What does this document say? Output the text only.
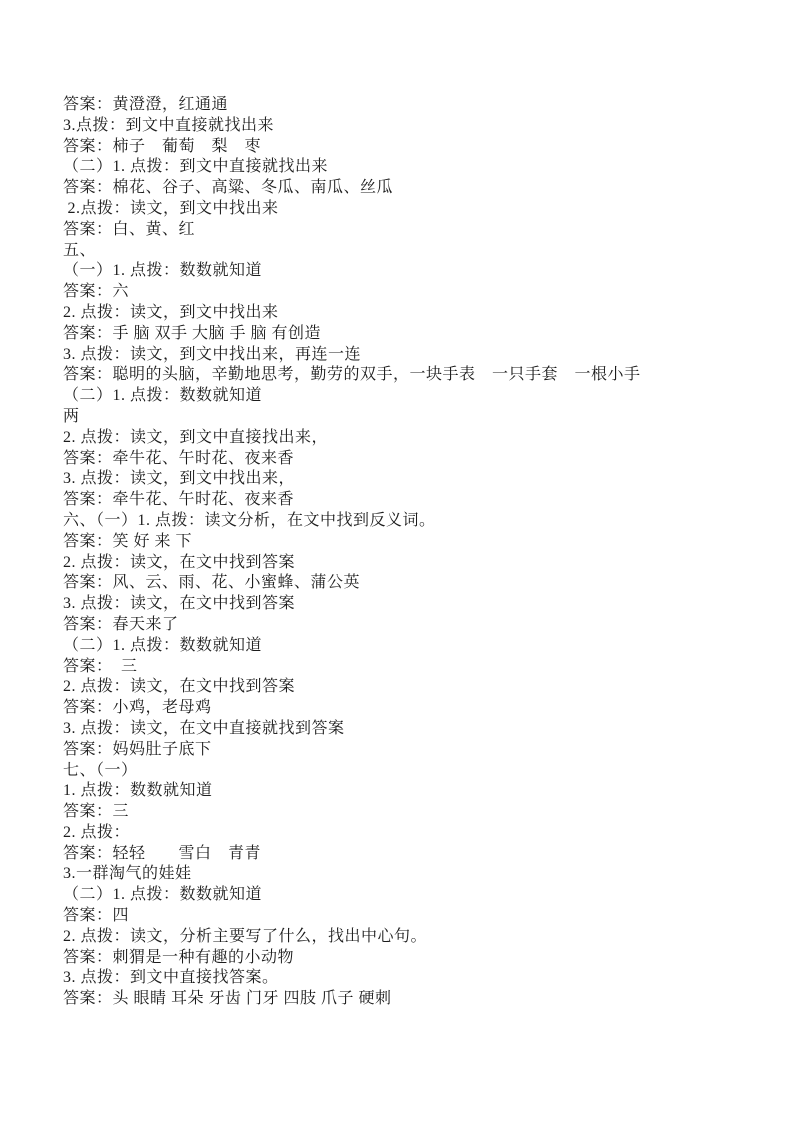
答案：黄澄澄，红通通
3.点拨：到文中直接就找出来
答案：柿子　葡萄　梨　枣
（二）1. 点拨：到文中直接就找出来
答案：棉花、谷子、高粱、冬瓜、南瓜、丝瓜
2.点拨：读文，到文中找出来
答案：白、黄、红
五、
（一）1. 点拨：数数就知道
答案：六
2. 点拨：读文，到文中找出来
答案：手 脑 双手 大脑 手 脑 有创造
3. 点拨：读文，到文中找出来，再连一连
答案：聪明的头脑，辛勤地思考，勤劳的双手，一块手表　一只手套　一根小手
（二）1. 点拨：数数就知道
两
2. 点拨：读文，到文中直接找出来，
答案：牵牛花、午时花、夜来香
3. 点拨：读文，到文中找出来，
答案：牵牛花、午时花、夜来香
六、（一）1. 点拨：读文分析，在文中找到反义词。
答案：笑 好 来 下
2. 点拨：读文，在文中找到答案
答案：风、云、雨、花、小蜜蜂、蒲公英
3. 点拨：读文，在文中找到答案
答案：春天来了
（二）1. 点拨：数数就知道
答案：　三
2. 点拨：读文，在文中找到答案
答案：小鸡，老母鸡
3. 点拨：读文，在文中直接就找到答案
答案：妈妈肚子底下
七、（一）
1. 点拨：数数就知道
答案：三
2. 点拨：
答案：轻轻　　雪白　青青
3.一群淘气的娃娃
（二）1. 点拨：数数就知道
答案：四
2. 点拨：读文，分析主要写了什么，找出中心句。
答案：刺猬是一种有趣的小动物
3. 点拨：到文中直接找答案。
答案：头 眼睛 耳朵 牙齿 门牙 四肢 爪子 硬刺
